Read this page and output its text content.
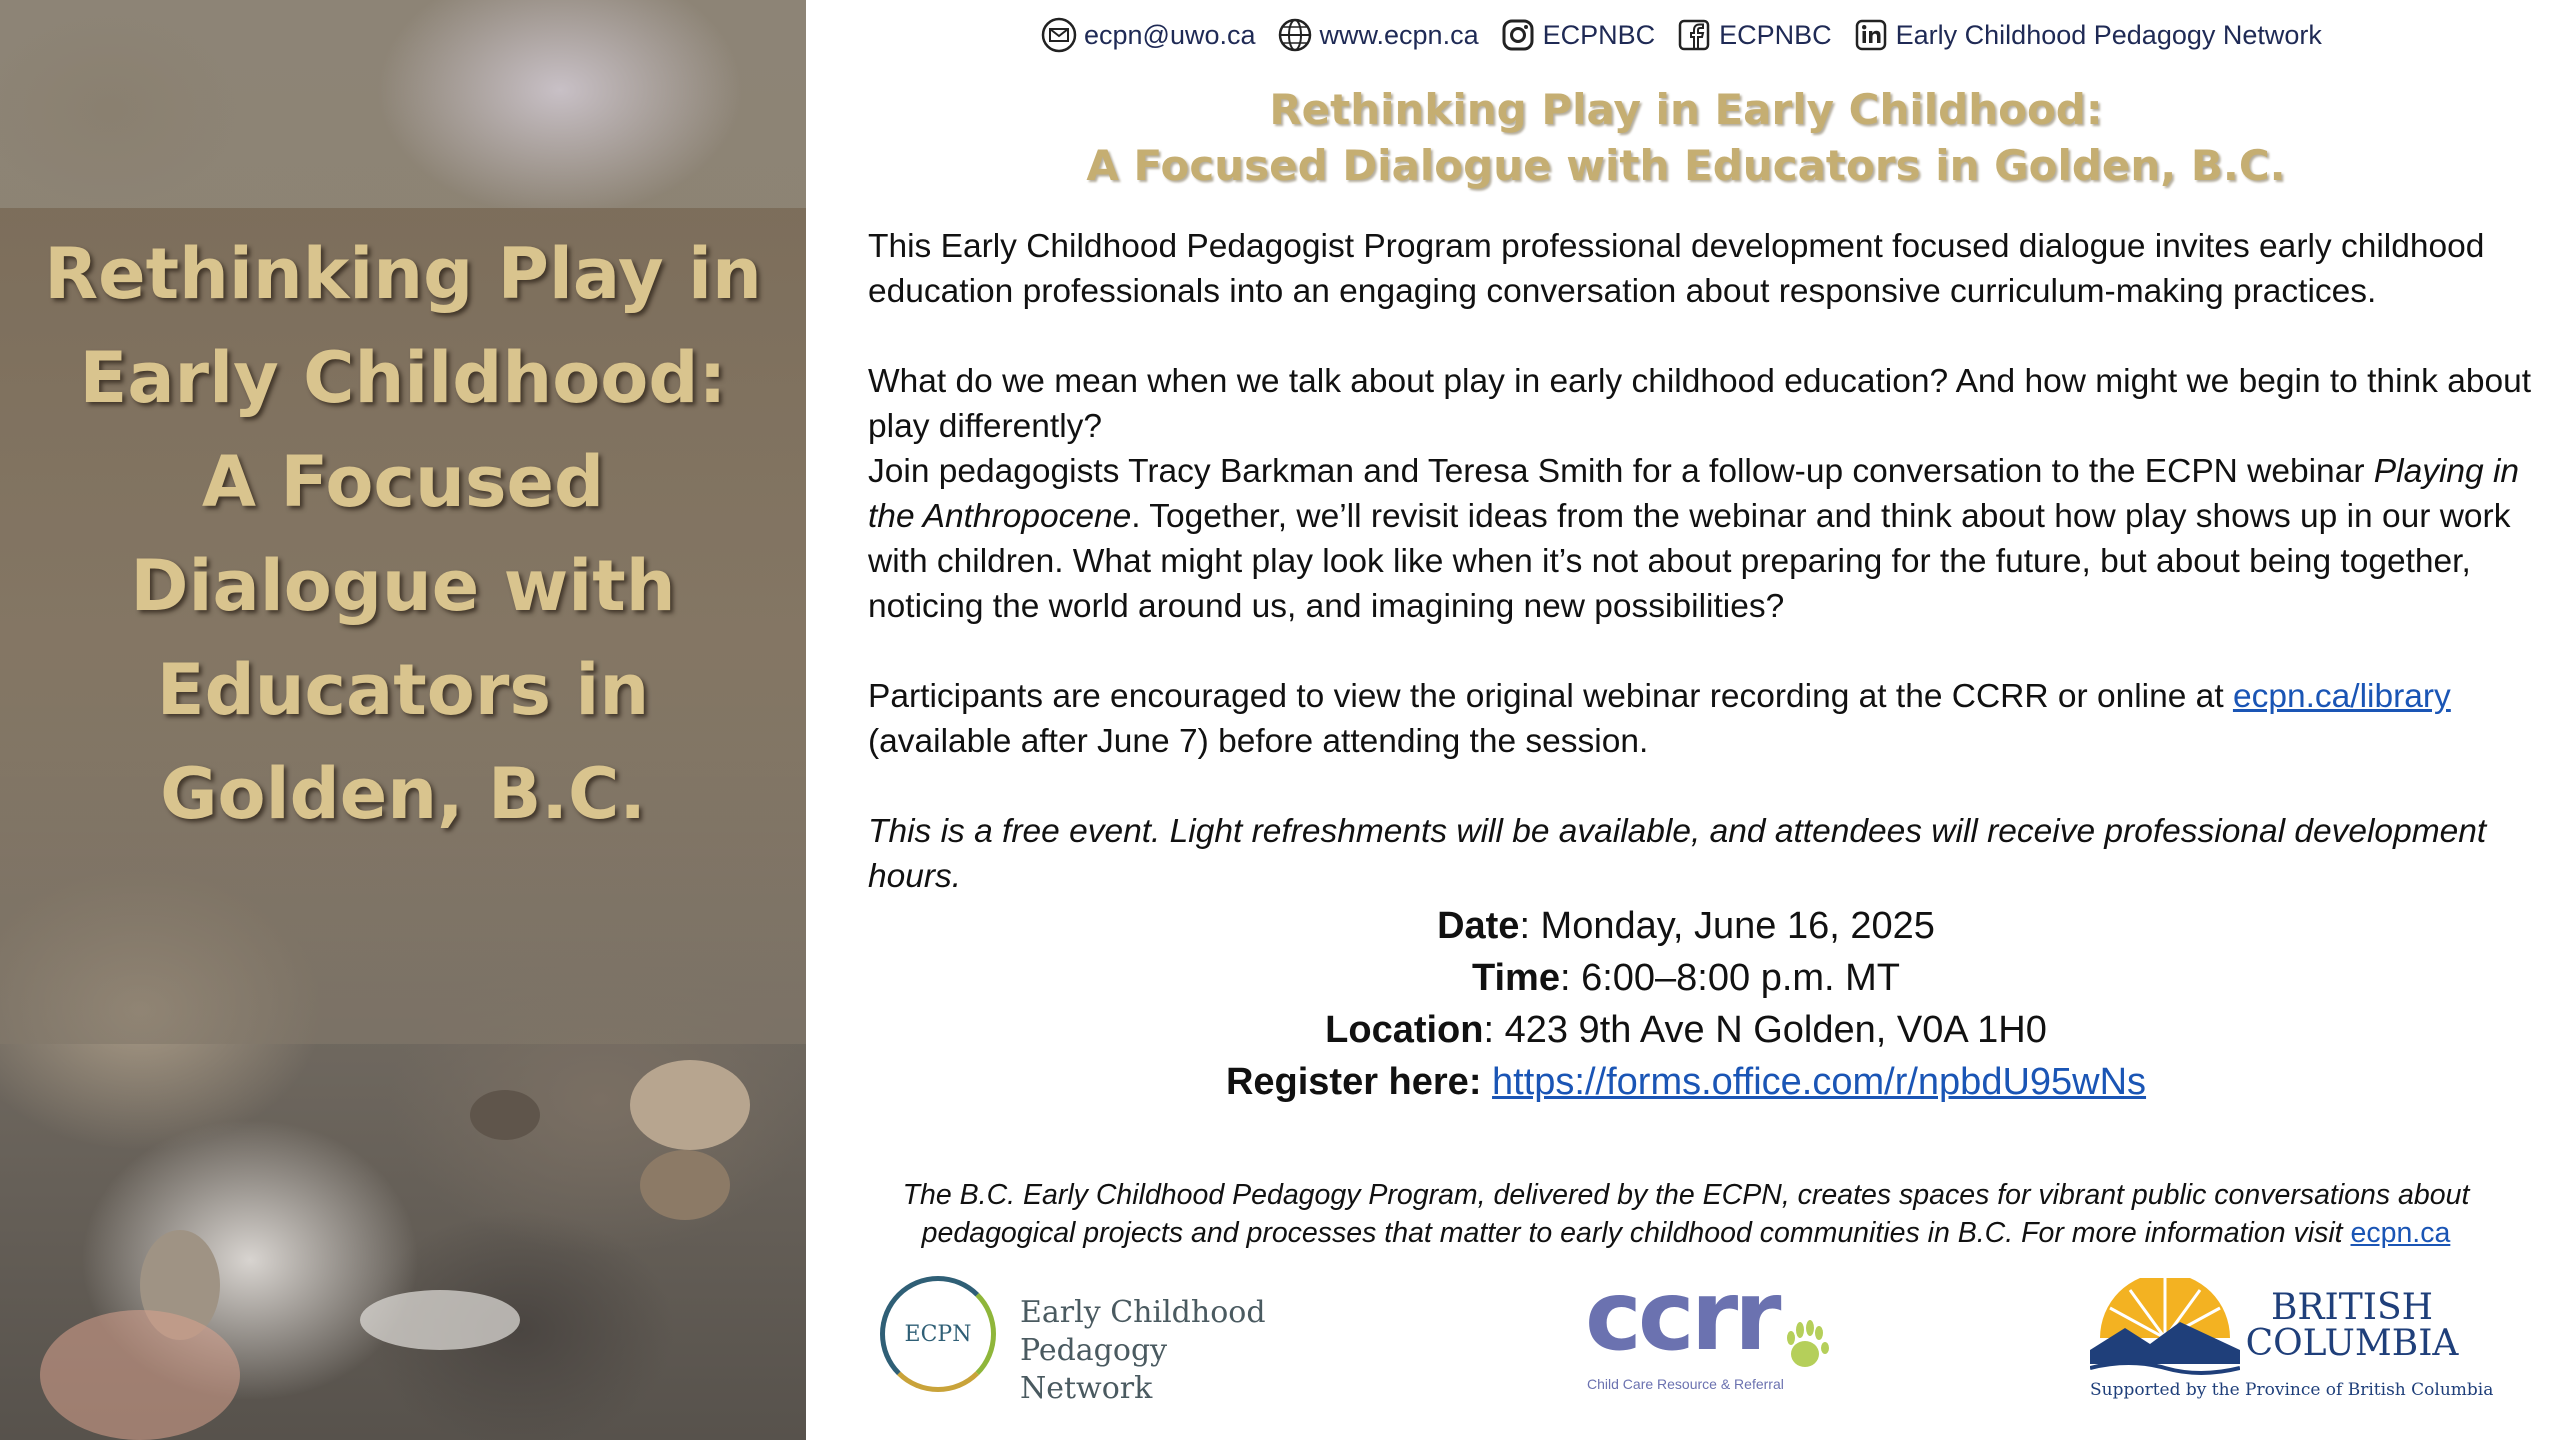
Rethinking Play in
Early Childhood:
A Focused
Dialogue with
Educators in
Golden, B.C.
ecpn@uwo.ca www.ecpn.ca ECPNBC ECPNBC Early Childhood Pedagogy Network
Rethinking Play in Early Childhood:
A Focused Dialogue with Educators in Golden, B.C.

This Early Childhood Pedagogist Program professional development focused dialogue invites early childhood education professionals into an engaging conversation about responsive curriculum-making practices.

What do we mean when we talk about play in early childhood education? And how might we begin to think about play differently?

Join pedagogists Tracy Barkman and Teresa Smith for a follow-up conversation to the ECPN webinar Playing in the Anthropocene. Together, we’ll revisit ideas from the webinar and think about how play shows up in our work with children. What might play look like when it’s not about preparing for the future, but about being together, noticing the world around us, and imagining new possibilities?

Participants are encouraged to view the original webinar recording at the CCRR or online at ecpn.ca/library (available after June 7) before attending the session.

This is a free event. Light refreshments will be available, and attendees will receive professional development hours.

Date: Monday, June 16, 2025
Time: 6:00–8:00 p.m. MT
Location: 423 9th Ave N Golden, V0A 1H0
Register here: https://forms.office.com/r/npbdU95wNs
The B.C. Early Childhood Pedagogy Program, delivered by the ECPN, creates spaces for vibrant public conversations about pedagogical projects and processes that matter to early childhood communities in B.C. For more information visit ecpn.ca
ECPN
Early Childhood
Pedagogy Network
ccrr
Child Care Resource & Referral
BRITISH
COLUMBIA
Supported by the Province of British Columbia
